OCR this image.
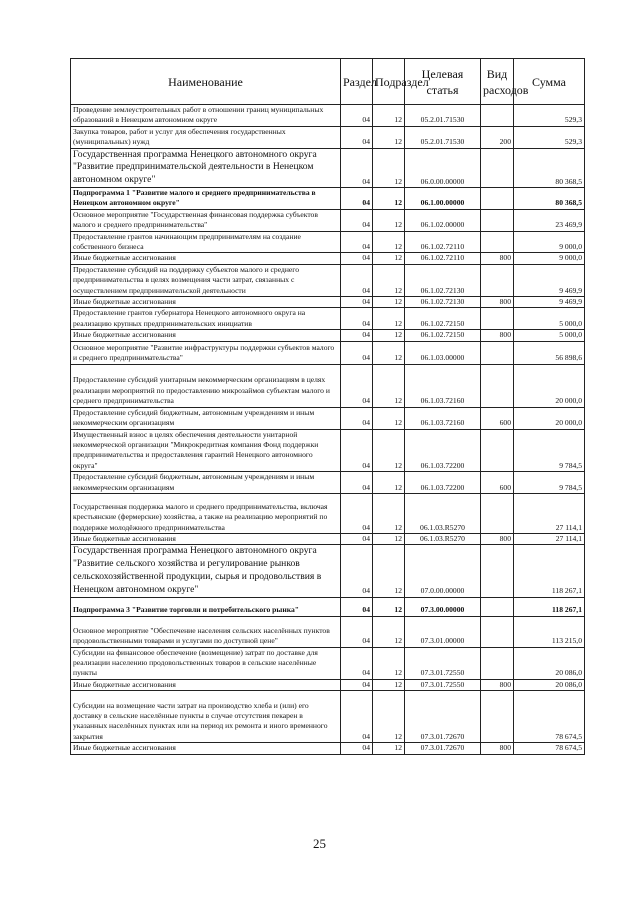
Наименование	Раздел	Подраздел	Целевая статья	Вид расходов	Сумма
Проведение землеустроительных работ в отношении границ муниципальных образований в Ненецком автономном округе	04	12	05.2.01.71530		529,3
Закупка товаров, работ и услуг для обеспечения государственных (муниципальных) нужд	04	12	05.2.01.71530	200	529,3
Государственная программа Ненецкого автономного округа "Развитие предпринимательской деятельности в Ненецком автономном округе"	04	12	06.0.00.00000		80 368,5
Подпрограмма 1 "Развитие малого и среднего предпринимательства в Ненецком автономном округе"	04	12	06.1.00.00000		80 368,5
Основное мероприятие "Государственная финансовая поддержка субъектов малого и среднего предпринимательства"	04	12	06.1.02.00000		23 469,9
Предоставление грантов начинающим предпринимателям на создание собственного бизнеса	04	12	06.1.02.72110		9 000,0
Иные бюджетные ассигнования	04	12	06.1.02.72110	800	9 000,0
Предоставление субсидий на поддержку субъектов малого и среднего предпринимательства в целях возмещения части затрат, связанных с осуществлением предпринимательской деятельности	04	12	06.1.02.72130		9 469,9
Иные бюджетные ассигнования	04	12	06.1.02.72130	800	9 469,9
Предоставление грантов губернатора Ненецкого автономного округа на реализацию крупных предпринимательских инициатив	04	12	06.1.02.72150		5 000,0
Иные бюджетные ассигнования	04	12	06.1.02.72150	800	5 000,0
Основное мероприятие "Развитие инфраструктуры поддержки субъектов малого и среднего предпринимательства"	04	12	06.1.03.00000		56 898,6
Предоставление субсидий унитарным некоммерческим организациям в целях реализации мероприятий по предоставлению микрозаймов субъектам малого и среднего предпринимательства	04	12	06.1.03.72160		20 000,0
Предоставление субсидий бюджетным, автономным учреждениям и иным некоммерческим организациям	04	12	06.1.03.72160	600	20 000,0
Имущественный взнос в целях обеспечения деятельности унитарной некоммерческой организации "Микрокредитная компания Фонд поддержки предпринимательства и предоставления гарантий Ненецкого автономного округа"	04	12	06.1.03.72200		9 784,5
Предоставление субсидий бюджетным, автономным учреждениям и иным некоммерческим организациям	04	12	06.1.03.72200	600	9 784,5
Государственная поддержка малого и среднего предпринимательства, включая крестьянские (фермерские) хозяйства, а также на реализацию мероприятий по поддержке молодёжного предпринимательства	04	12	06.1.03.R5270		27 114,1
Иные бюджетные ассигнования	04	12	06.1.03.R5270	800	27 114,1
Государственная программа Ненецкого автономного округа "Развитие сельского хозяйства и регулирование рынков сельскохозяйственной продукции, сырья и продовольствия в Ненецком автономном округе"	04	12	07.0.00.00000		118 267,1
Подпрограмма 3 "Развитие торговли и потребительского рынка"	04	12	07.3.00.00000		118 267,1
Основное мероприятие "Обеспечение населения сельских населённых пунктов продовольственными товарами и услугами по доступной цене"	04	12	07.3.01.00000		113 215,0
Субсидии на финансовое обеспечение (возмещение) затрат по доставке для реализации населению продовольственных товаров в сельские населённые пункты	04	12	07.3.01.72550		20 086,0
Иные бюджетные ассигнования	04	12	07.3.01.72550	800	20 086,0
Субсидии на возмещение части затрат на производство хлеба и (или) его доставку в сельские населённые пункты в случае отсутствия пекарен в указанных населённых пунктах или на период их ремонта и иного временного закрытия	04	12	07.3.01.72670		78 674,5
Иные бюджетные ассигнования	04	12	07.3.01.72670	800	78 674,5
25
